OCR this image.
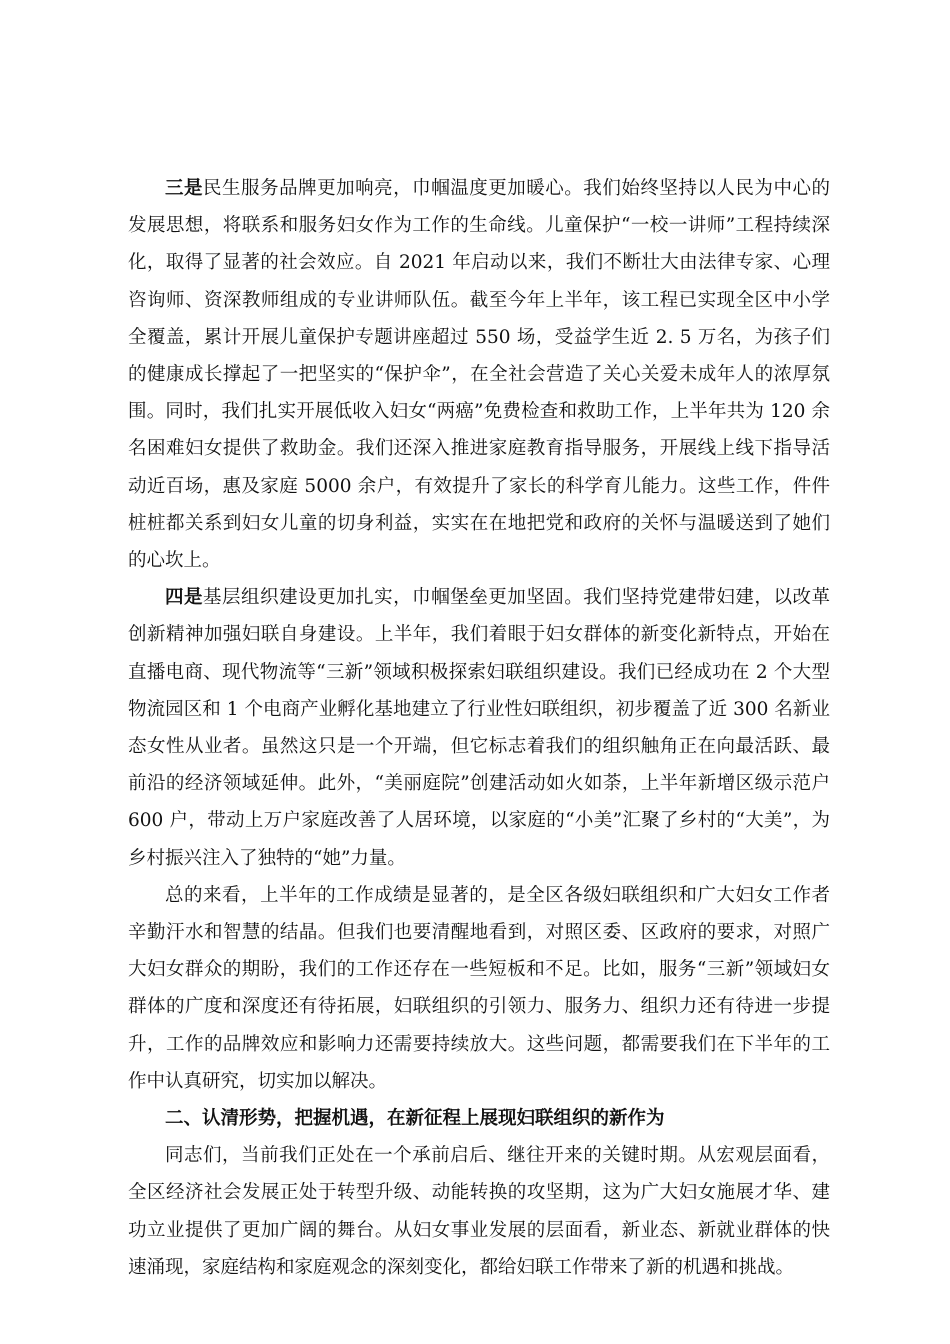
三是民生服务品牌更加响亮，巾帼温度更加暖心。我们始终坚持以人民为中心的发展思想，将联系和服务妇女作为工作的生命线。儿童保护“一校一讲师”工程持续深化，取得了显著的社会效应。自 2021 年启动以来，我们不断壮大由法律专家、心理咨询师、资深教师组成的专业讲师队伍。截至今年上半年，该工程已实现全区中小学全覆盖，累计开展儿童保护专题讲座超过 550 场，受益学生近 2. 5 万名，为孩子们的健康成长撑起了一把坚实的“保护伞”，在全社会营造了关心关爱未成年人的浓厚氛围。同时，我们扎实开展低收入妇女“两癌”免费检查和救助工作，上半年共为 120 余名困难妇女提供了救助金。我们还深入推进家庭教育指导服务，开展线上线下指导活动近百场，惠及家庭 5000 余户，有效提升了家长的科学育儿能力。这些工作，件件桩桩都关系到妇女儿童的切身利益，实实在在地把党和政府的关怀与温暖送到了她们的心坎上。

四是基层组织建设更加扎实，巾帼堡垒更加坚固。我们坚持党建带妇建，以改革创新精神加强妇联自身建设。上半年，我们着眼于妇女群体的新变化新特点，开始在直播电商、现代物流等“三新”领域积极探索妇联组织建设。我们已经成功在 2 个大型物流园区和 1 个电商产业孵化基地建立了行业性妇联组织，初步覆盖了近 300 名新业态女性从业者。虽然这只是一个开端，但它标志着我们的组织触角正在向最活跃、最前沿的经济领域延伸。此外，“美丽庭院”创建活动如火如荼，上半年新增区级示范户 600 户，带动上万户家庭改善了人居环境，以家庭的“小美”汇聚了乡村的“大美”，为乡村振兴注入了独特的“她”力量。

总的来看，上半年的工作成绩是显著的，是全区各级妇联组织和广大妇女工作者辛勤汗水和智慧的结晶。但我们也要清醒地看到，对照区委、区政府的要求，对照广大妇女群众的期盼，我们的工作还存在一些短板和不足。比如，服务“三新”领域妇女群体的广度和深度还有待拓展，妇联组织的引领力、服务力、组织力还有待进一步提升，工作的品牌效应和影响力还需要持续放大。这些问题，都需要我们在下半年的工作中认真研究，切实加以解决。

二、认清形势，把握机遇，在新征程上展现妇联组织的新作为

同志们，当前我们正处在一个承前启后、继往开来的关键时期。从宏观层面看，全区经济社会发展正处于转型升级、动能转换的攻坚期，这为广大妇女施展才华、建功立业提供了更加广阔的舞台。从妇女事业发展的层面看，新业态、新就业群体的快速涌现，家庭结构和家庭观念的深刻变化，都给妇联工作带来了新的机遇和挑战。
